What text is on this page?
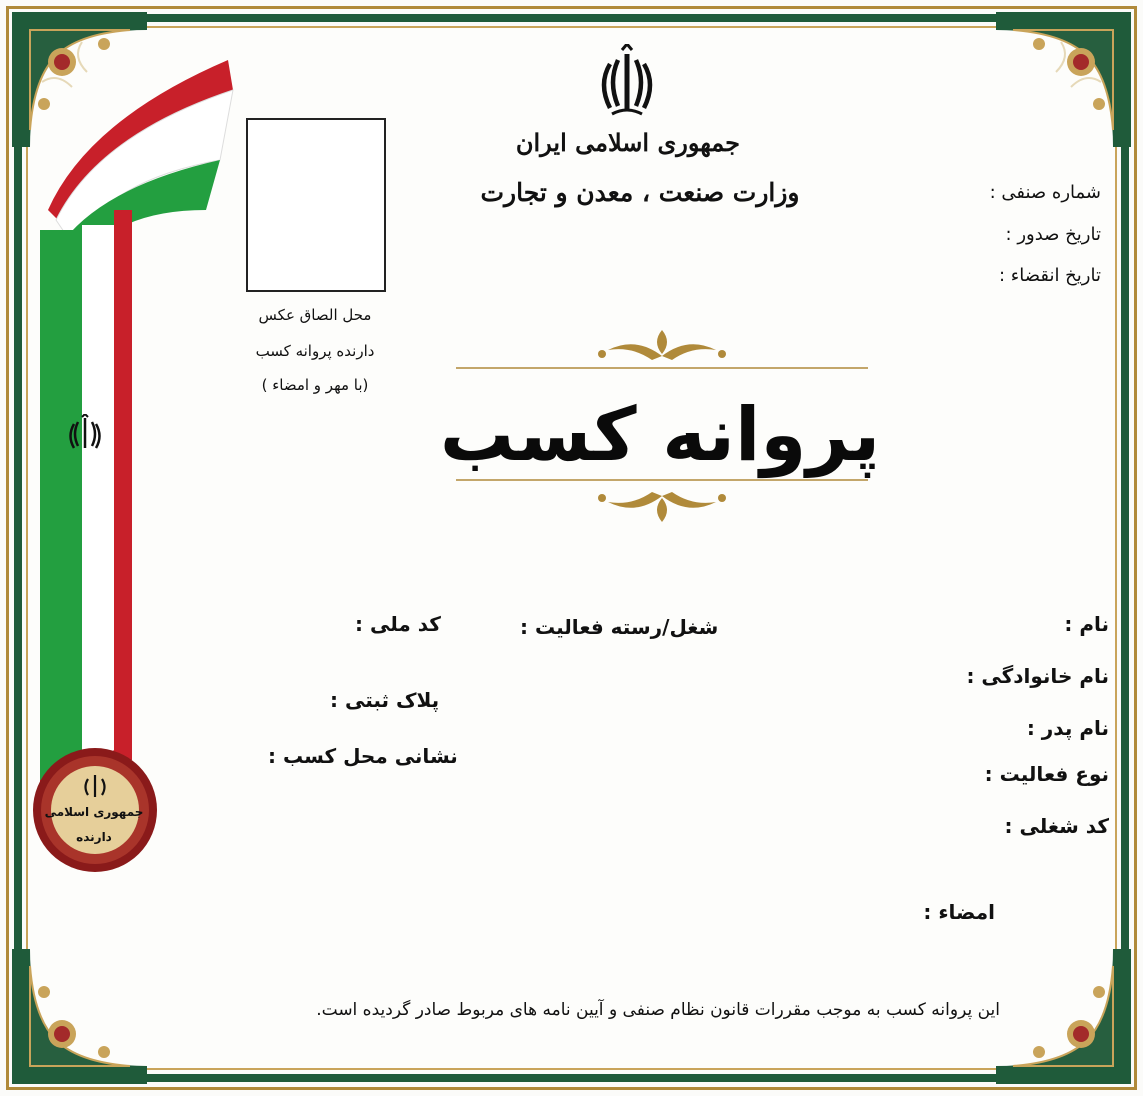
جمهوری اسلامی
دارنده
جمهوری اسلامی ایران
وزارت صنعت ، معدن و تجارت	شماره صنفی :
تاریخ صدور :
تاریخ انقضاء :
محل الصاق عکس
دارنده پروانه کسب
(با مهر و امضاء )
پروانه کسب
نام :
نام خانوادگی :
نام پدر :
نوع فعالیت :
کد شغلی :
امضاء :
شغل/رسته فعالیت :
کد ملی :
پلاک ثبتی :
نشانی محل کسب :
این پروانه کسب به موجب مقررات قانون نظام صنفی و آیین نامه های مربوط صادر گردیده است.
